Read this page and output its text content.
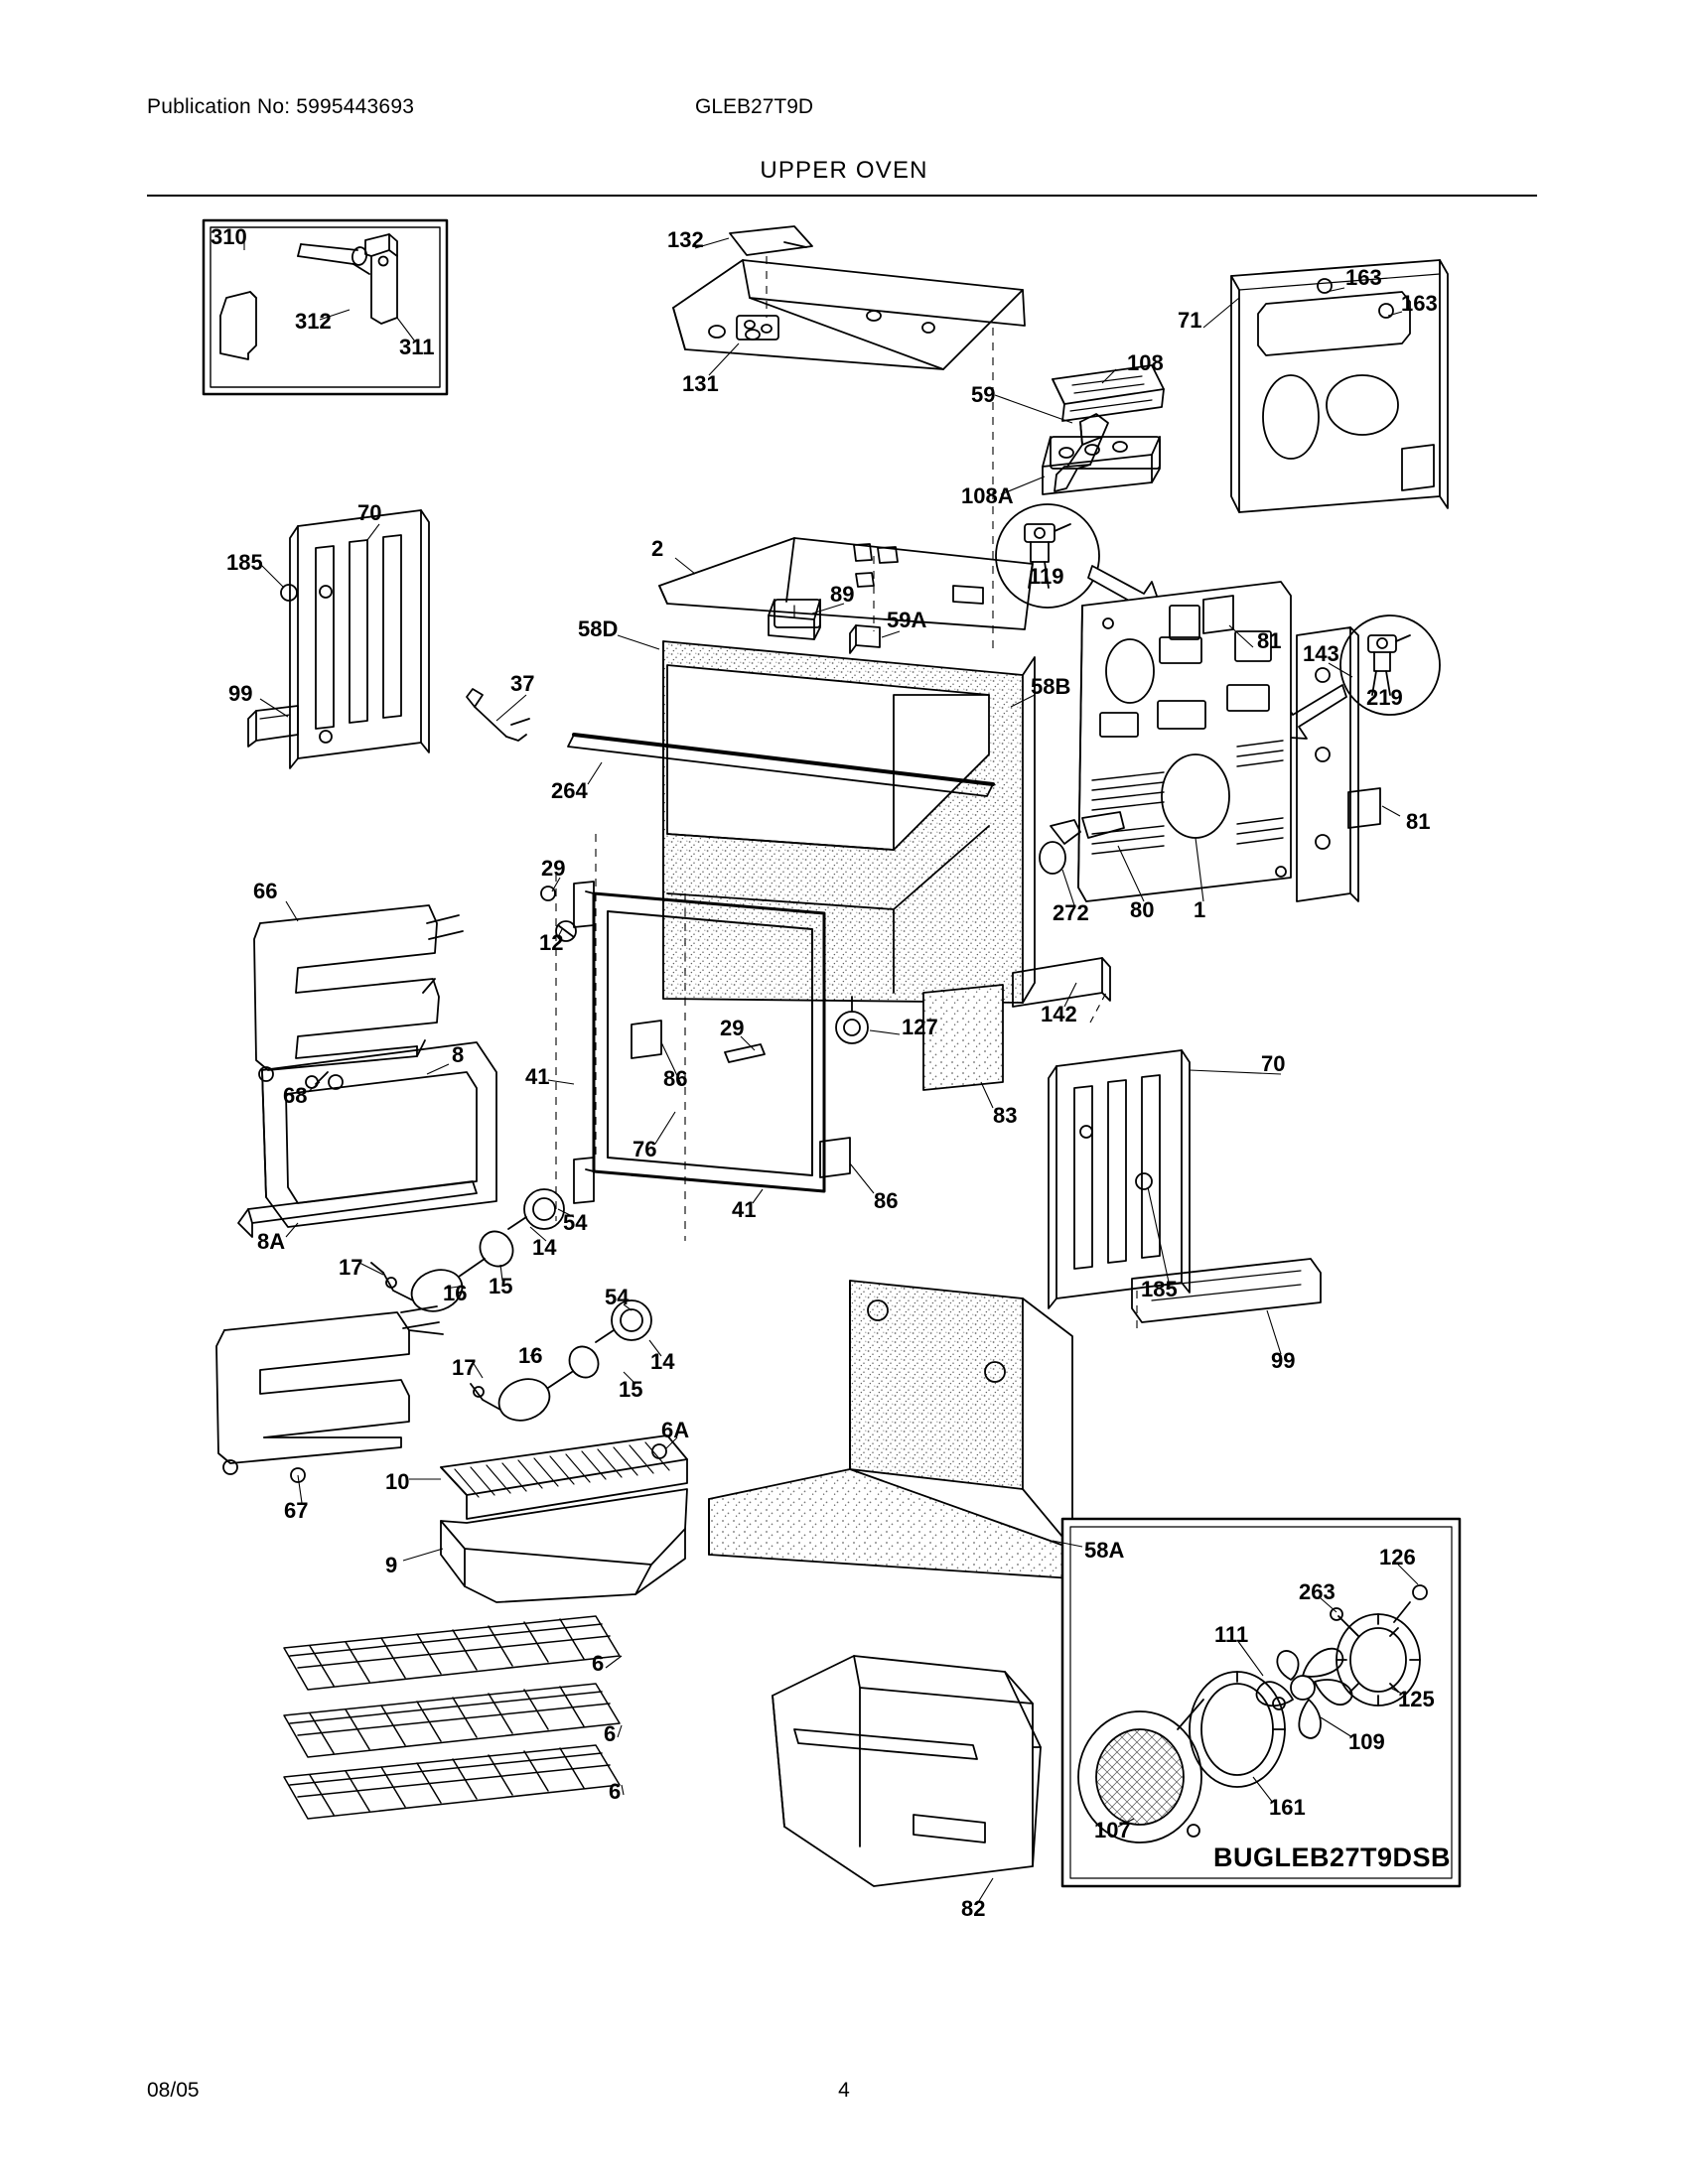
Publication No: 5995443693	GLEB27T9D
UPPER OVEN
310
312
311
132
131	59
108
108A
163
163
71
119
70
185
99
2
89
59A
58D
58B
81
143
219
37
264
81
29
12
66
272 80 1
8
68
8A
29	127
142
83
41	86
76
41	86
54
14
17
16 15
70
185
99
54
14
15
16
17
67
10
6A
9
58A	126
263
111
125
109
161
107
6
6
6
82
BUGLEB27T9DSB
08/05	4
